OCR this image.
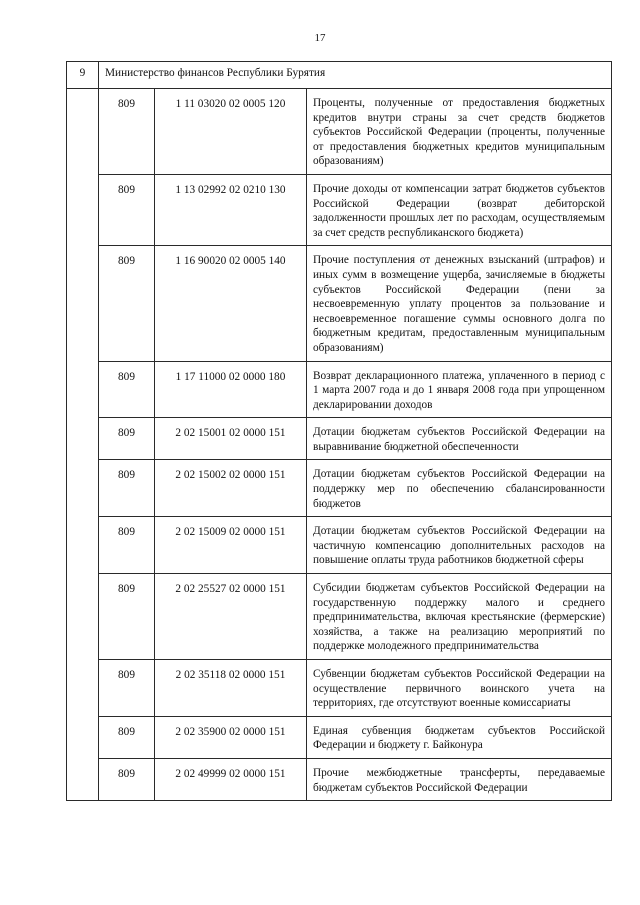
17
9	Министерство финансов Республики Бурятия		
	809	1 11 03020 02 0005 120	Проценты, полученные от предоставления бюджетных кредитов внутри страны за счет средств бюджетов субъектов Российской Федерации (проценты, полученные от предоставления бюджетных кредитов муниципальным образованиям)
	809	1 13 02992 02 0210 130	Прочие доходы от компенсации затрат бюджетов субъектов Российской Федерации (возврат дебиторской задолженности прошлых лет по расходам, осуществляемым за счет средств республиканского бюджета)
	809	1 16 90020 02 0005 140	Прочие поступления от денежных взысканий (штрафов) и иных сумм в возмещение ущерба, зачисляемые в бюджеты субъектов Российской Федерации (пени за несвоевременную уплату процентов за пользование и несвоевременное погашение суммы основного долга по бюджетным кредитам, предоставленным муниципальным образованиям)
	809	1 17 11000 02 0000 180	Возврат декларационного платежа, уплаченного в период с 1 марта 2007 года и до 1 января 2008 года при упрощенном декларировании доходов
	809	2 02 15001 02 0000 151	Дотации бюджетам субъектов Российской Федерации на выравнивание бюджетной обеспеченности
	809	2 02 15002 02 0000 151	Дотации бюджетам субъектов Российской Федерации на поддержку мер по обеспечению сбалансированности бюджетов
	809	2 02 15009 02 0000 151	Дотации бюджетам субъектов Российской Федерации на частичную компенсацию дополнительных расходов на повышение оплаты труда работников бюджетной сферы
	809	2 02 25527 02 0000 151	Субсидии бюджетам субъектов Российской Федерации на государственную поддержку малого и среднего предпринимательства, включая крестьянские (фермерские) хозяйства, а также на реализацию мероприятий по поддержке молодежного предпринимательства
	809	2 02 35118 02 0000 151	Субвенции бюджетам субъектов Российской Федерации на осуществление первичного воинского учета на территориях, где отсутствуют военные комиссариаты
	809	2 02 35900 02 0000 151	Единая субвенция бюджетам субъектов Российской Федерации и бюджету г. Байконура
	809	2 02 49999 02 0000 151	Прочие межбюджетные трансферты, передаваемые бюджетам субъектов Российской Федерации
